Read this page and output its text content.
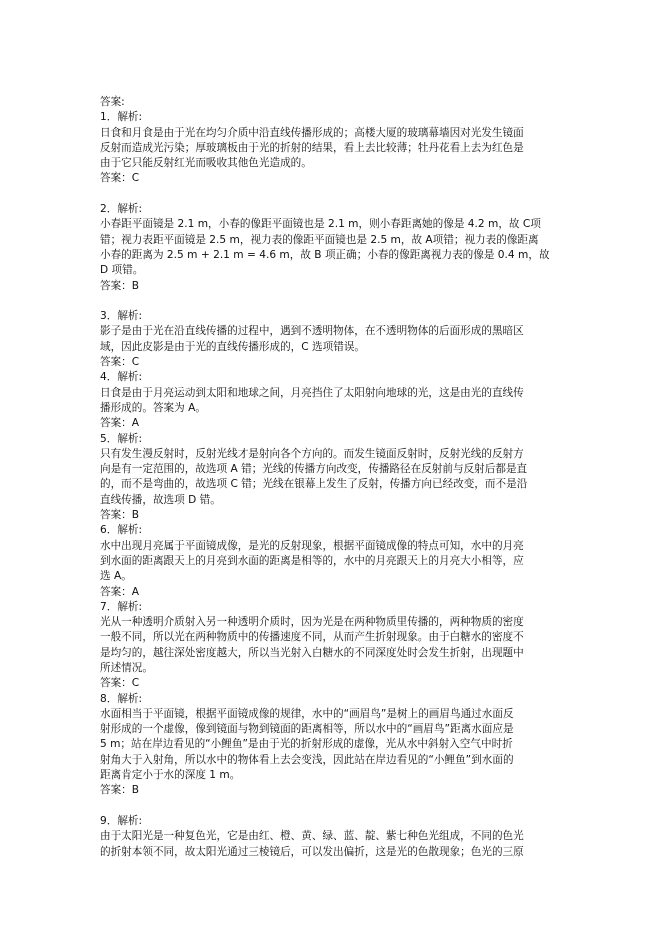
答案:
1．解析:
日食和月食是由于光在均匀介质中沿直线传播形成的；高楼大厦的玻璃幕墙因对光发生镜面
反射而造成光污染；厚玻璃板由于光的折射的结果，看上去比较薄；牡丹花看上去为红色是
由于它只能反射红光而吸收其他色光造成的。
答案：C
2．解析:
小春距平面镜是 2.1 m，小春的像距平面镜也是 2.1 m，则小春距离她的像是 4.2 m，故 C项
错；视力表距平面镜是 2.5 m，视力表的像距平面镜也是 2.5 m，故 A项错；视力表的像距离
小春的距离为 2.5 m + 2.1 m = 4.6 m，故 B 项正确；小春的像距离视力表的像是 0.4 m，故
D 项错。
答案：B
3．解析:
影子是由于光在沿直线传播的过程中，遇到不透明物体，在不透明物体的后面形成的黑暗区
域，因此皮影是由于光的直线传播形成的，C 选项错误。
答案：C
4．解析:
日食是由于月亮运动到太阳和地球之间，月亮挡住了太阳射向地球的光，这是由光的直线传
播形成的。答案为 A。
答案：A
5．解析:
只有发生漫反射时，反射光线才是射向各个方向的。而发生镜面反射时，反射光线的反射方
向是有一定范围的，故选项 A 错；光线的传播方向改变，传播路径在反射前与反射后都是直
的，而不是弯曲的，故选项 C 错；光线在银幕上发生了反射，传播方向已经改变，而不是沿
直线传播，故选项 D 错。
答案：B
6．解析:
水中出现月亮属于平面镜成像，是光的反射现象，根据平面镜成像的特点可知，水中的月亮
到水面的距离跟天上的月亮到水面的距离是相等的，水中的月亮跟天上的月亮大小相等，应
选 A。
答案：A
7．解析:
光从一种透明介质射入另一种透明介质时，因为光是在两种物质里传播的，两种物质的密度
一般不同，所以光在两种物质中的传播速度不同，从而产生折射现象。由于白糖水的密度不
是均匀的，越往深处密度越大，所以当光射入白糖水的不同深度处时会发生折射，出现题中
所述情况。
答案：C
8．解析:
水面相当于平面镜，根据平面镜成像的规律，水中的“画眉鸟”是树上的画眉鸟通过水面反
射形成的一个虚像，像到镜面与物到镜面的距离相等，所以水中的“画眉鸟”距离水面应是
5 m；站在岸边看见的“小鲤鱼”是由于光的折射形成的虚像，光从水中斜射入空气中时折
射角大于入射角，所以水中的物体看上去会变浅，因此站在岸边看见的“小鲤鱼”到水面的
距离肯定小于水的深度 1 m。
答案：B
9．解析:
由于太阳光是一种复色光，它是由红、橙、黄、绿、蓝、靛、紫七种色光组成，不同的色光
的折射本领不同，故太阳光通过三棱镜后，可以发出偏折，这是光的色散现象；色光的三原
